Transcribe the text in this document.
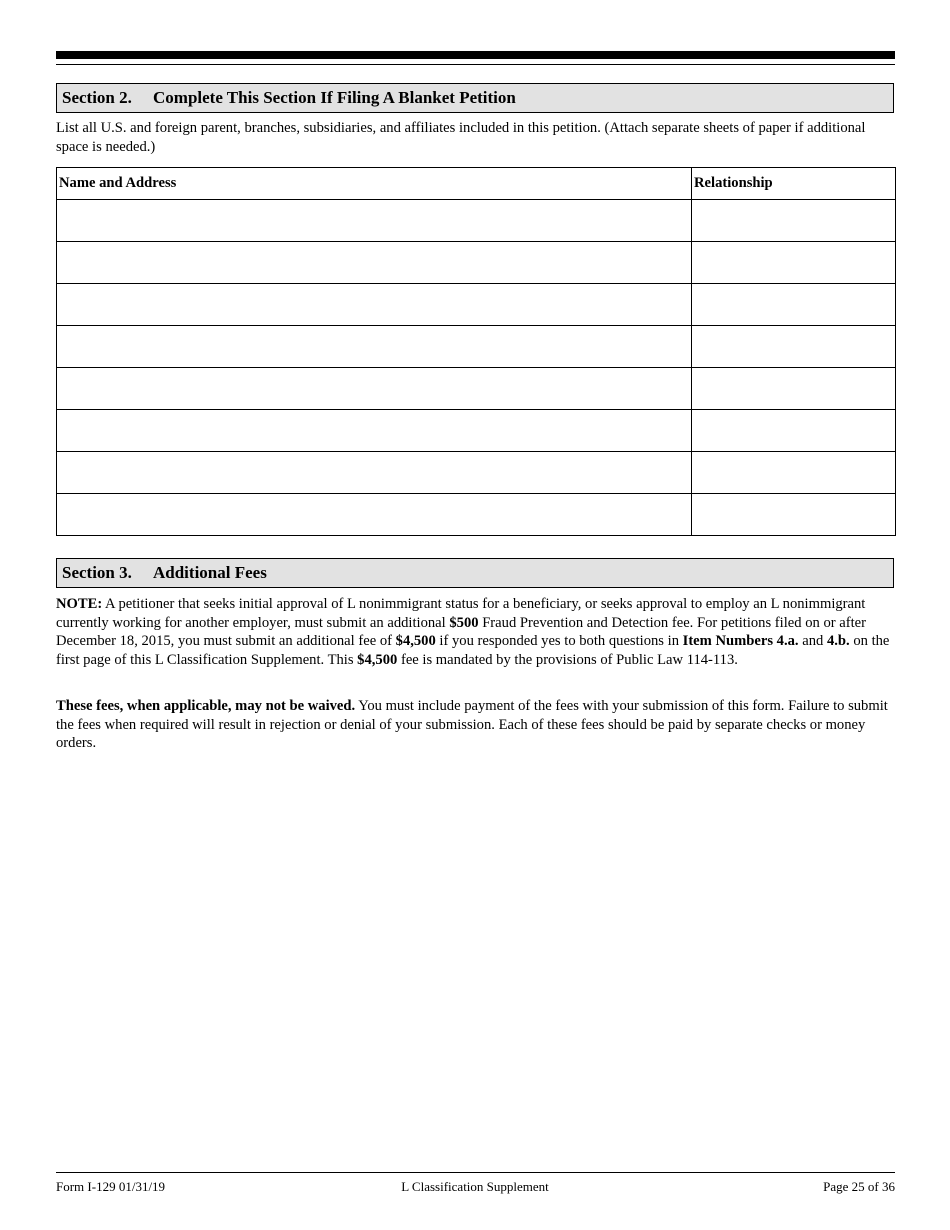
Section 2. Complete This Section If Filing A Blanket Petition
List all U.S. and foreign parent, branches, subsidiaries, and affiliates included in this petition. (Attach separate sheets of paper if additional space is needed.)
Name and Address	Relationship

Section 3. Additional Fees
NOTE: A petitioner that seeks initial approval of L nonimmigrant status for a beneficiary, or seeks approval to employ an L nonimmigrant currently working for another employer, must submit an additional $500 Fraud Prevention and Detection fee. For petitions filed on or after December 18, 2015, you must submit an additional fee of $4,500 if you responded yes to both questions in Item Numbers 4.a. and 4.b. on the first page of this L Classification Supplement. This $4,500 fee is mandated by the provisions of Public Law 114-113.
These fees, when applicable, may not be waived. You must include payment of the fees with your submission of this form. Failure to submit the fees when required will result in rejection or denial of your submission. Each of these fees should be paid by separate checks or money orders.
Form I-129 01/31/19	L Classification Supplement	Page 25 of 36
